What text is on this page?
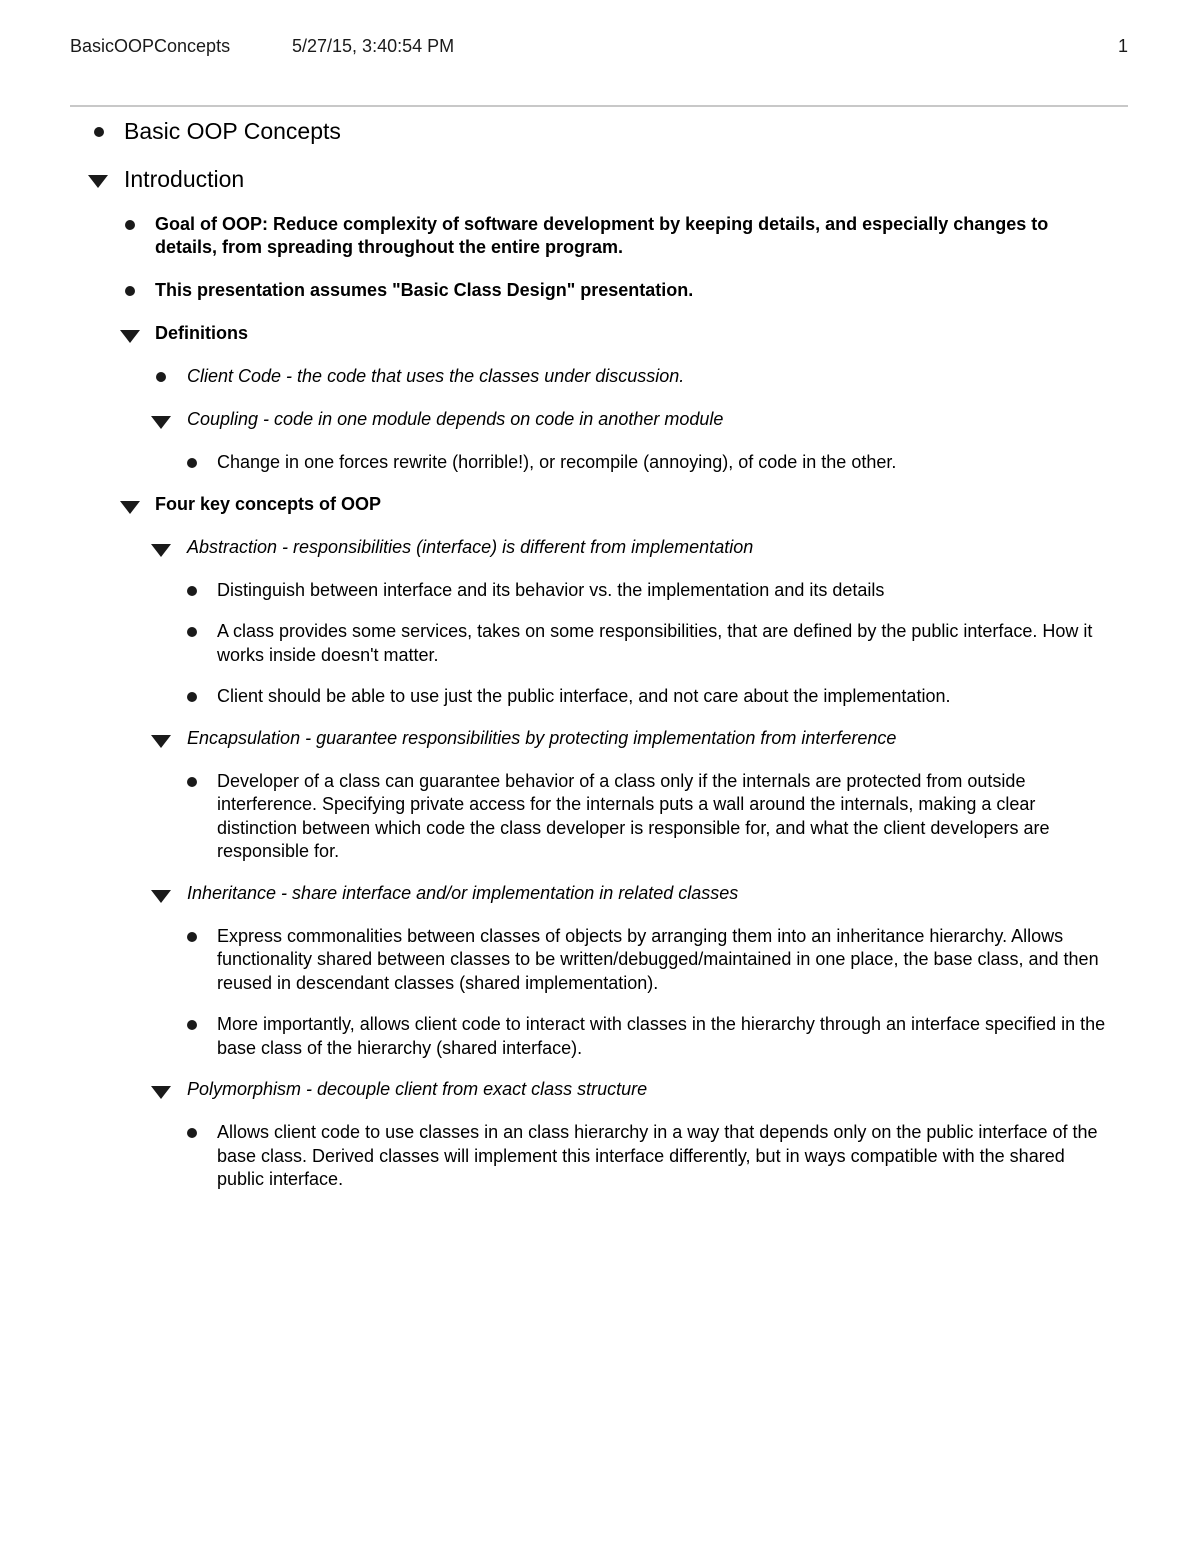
BasicOOPConcepts	5/27/15, 3:40:54 PM	1
Basic OOP Concepts
Introduction
Goal of OOP: Reduce complexity of software development by keeping details, and especially changes to details, from spreading throughout the entire program.
This presentation assumes "Basic Class Design" presentation.
Definitions
Client Code - the code that uses the classes under discussion.
Coupling - code in one module depends on code in another module
Change in one forces rewrite (horrible!), or recompile (annoying), of code in the other.
Four key concepts of OOP
Abstraction - responsibilities (interface) is different from implementation
Distinguish between interface and its behavior vs. the implementation and its details
A class provides some services, takes on some responsibilities, that are defined by the public interface. How it works inside doesn't matter.
Client should be able to use just the public interface, and not care about the implementation.
Encapsulation - guarantee responsibilities by protecting implementation from interference
Developer of a class can guarantee behavior of a class only if the internals are protected from outside interference. Specifying private access for the internals puts a wall around the internals, making a clear distinction between which code the class developer is responsible for, and what the client developers are responsible for.
Inheritance - share interface and/or implementation in related classes
Express commonalities between classes of objects by arranging them into an inheritance hierarchy. Allows functionality shared between classes to be written/debugged/maintained in one place, the base class, and then reused in descendant classes (shared implementation).
More importantly, allows client code to interact with classes in the hierarchy through an interface specified in the base class of the hierarchy (shared interface).
Polymorphism - decouple client from exact class structure
Allows client code to use classes in an class hierarchy in a way that depends only on the public interface of the base class. Derived classes will implement this interface differently, but in ways compatible with the shared public interface.
